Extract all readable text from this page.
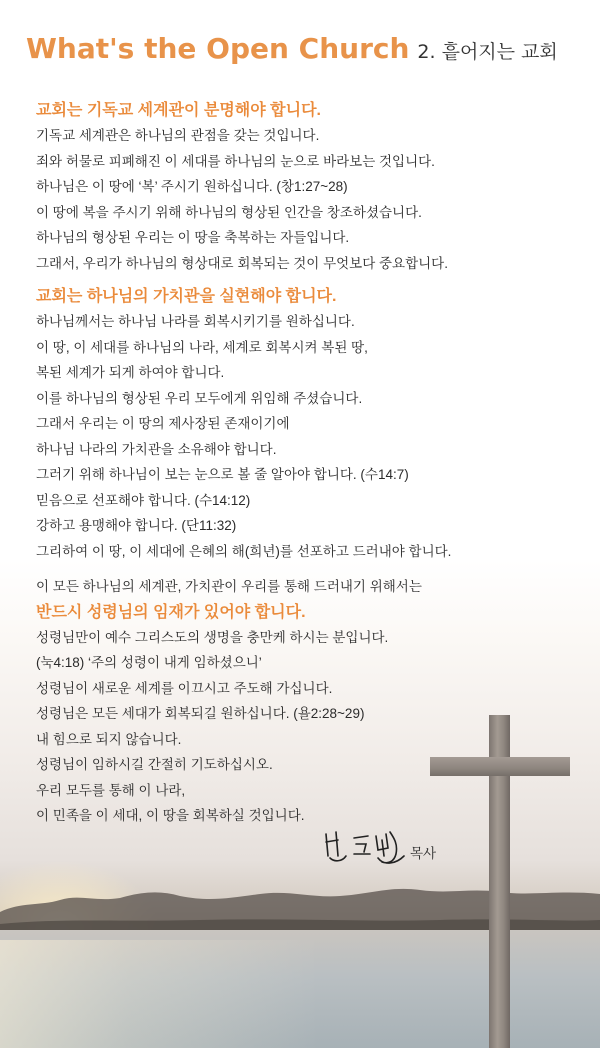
What's the Open Church 2. 흩어지는 교회
교회는 기독교 세계관이 분명해야 합니다.
기독교 세계관은 하나님의 관점을 갖는 것입니다.
죄와 허물로 피폐해진 이 세대를 하나님의 눈으로 바라보는 것입니다.
하나님은 이 땅에 ‘복’ 주시기 원하십니다. (창1:27~28)
이 땅에 복을 주시기 위해 하나님의 형상된 인간을 창조하셨습니다.
하나님의 형상된 우리는 이 땅을 축복하는 자들입니다.
그래서, 우리가 하나님의 형상대로 회복되는 것이 무엇보다 중요합니다.
교회는 하나님의 가치관을 실현해야 합니다.
하나님께서는 하나님 나라를 회복시키기를 원하십니다.
이 땅, 이 세대를 하나님의 나라, 세계로 회복시켜 복된 땅,
복된 세계가 되게 하여야 합니다.
이를 하나님의 형상된 우리 모두에게 위임해 주셨습니다.
그래서 우리는 이 땅의 제사장된 존재이기에
하나님 나라의 가치관을 소유해야 합니다.
그러기 위해 하나님이 보는 눈으로 볼 줄 알아야 합니다. (수14:7)
믿음으로 선포해야 합니다. (수14:12)
강하고 용맹해야 합니다. (단11:32)
그리하여 이 땅, 이 세대에 은혜의 해(희년)를 선포하고 드러내야 합니다.
이 모든 하나님의 세계관, 가치관이 우리를 통해 드러내기 위해서는
반드시 성령님의 임재가 있어야 합니다.
성령님만이 예수 그리스도의 생명을 충만케 하시는 분입니다.
(눅4:18) ‘주의 성령이 내게 임하셨으니’
성령님이 새로운 세계를 이끄시고 주도해 가십니다.
성령님은 모든 세대가 회복되길 원하십니다. (욜2:28~29)
내 힘으로 되지 않습니다.
성령님이 임하시길 간절히 기도하십시오.
우리 모두를 통해 이 나라,
이 민족을 이 세대, 이 땅을 회복하실 것입니다.
목사
